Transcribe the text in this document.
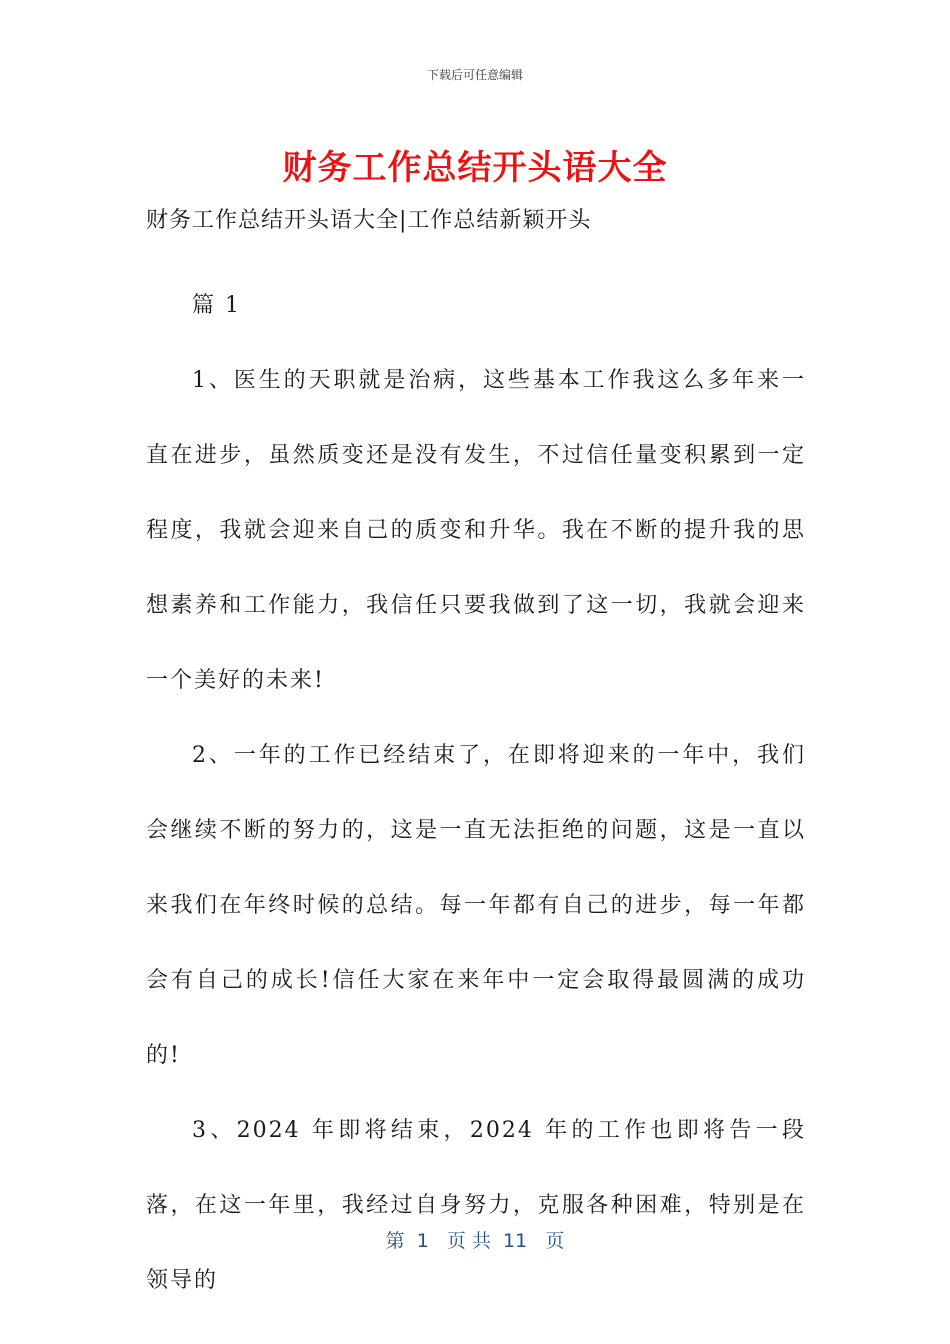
下载后可任意编辑
财务工作总结开头语大全
财务工作总结开头语大全|工作总结新颖开头

篇 1

1、医生的天职就是治病，这些基本工作我这么多年来一直在进步，虽然质变还是没有发生，不过信任量变积累到一定程度，我就会迎来自己的质变和升华。我在不断的提升我的思想素养和工作能力，我信任只要我做到了这一切，我就会迎来一个美好的未来!

2、一年的工作已经结束了，在即将迎来的一年中，我们会继续不断的努力的，这是一直无法拒绝的问题，这是一直以来我们在年终时候的总结。每一年都有自己的进步，每一年都会有自己的成长!信任大家在来年中一定会取得最圆满的成功的!

3、2024 年即将结束，2024 年的工作也即将告一段落，在这一年里，我经过自身努力，克服各种困难，特别是在领导的

第  1   页 共  11   页
